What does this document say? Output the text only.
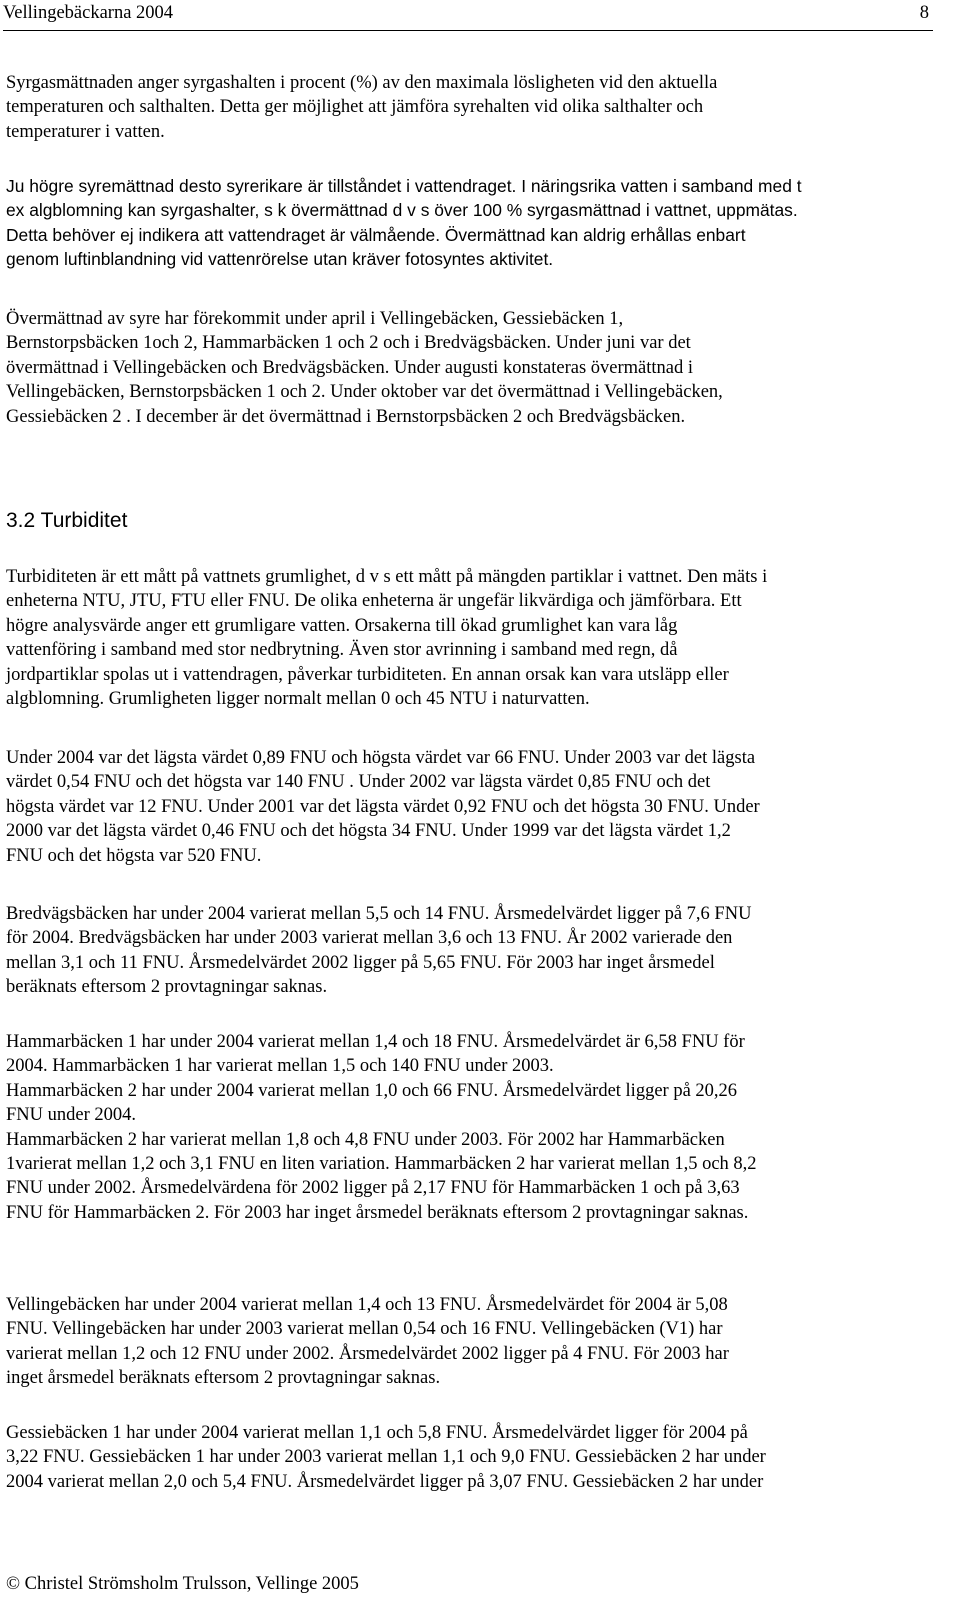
Vellingebäckarna 2004	8

Syrgasmättnaden anger syrgashalten i procent (%) av den maximala lösligheten vid den aktuella
temperaturen och salthalten. Detta ger möjlighet att jämföra syrehalten vid olika salthalter och
temperaturer i vatten.

Ju högre syremättnad desto syrerikare är tillståndet i vattendraget. I näringsrika vatten i samband med t
ex algblomning kan syrgashalter, s k övermättnad d v s över 100 % syrgasmättnad i vattnet, uppmätas.
Detta behöver ej indikera att vattendraget är välmående. Övermättnad kan aldrig erhållas enbart
genom luftinblandning vid vattenrörelse utan kräver fotosyntes aktivitet.

Övermättnad av syre har förekommit under april i Vellingebäcken, Gessiebäcken 1,
Bernstorpsbäcken 1och 2, Hammarbäcken 1 och 2 och i Bredvägsbäcken. Under juni var det
övermättnad i Vellingebäcken och Bredvägsbäcken. Under augusti konstateras övermättnad i
Vellingebäcken, Bernstorpsbäcken 1 och 2. Under oktober var det övermättnad i Vellingebäcken,
Gessiebäcken 2 . I december är det övermättnad i Bernstorpsbäcken 2 och Bredvägsbäcken.

3.2 Turbiditet

Turbiditeten är ett mått på vattnets grumlighet, d v s ett mått på mängden partiklar i vattnet. Den mäts i
enheterna NTU, JTU, FTU eller FNU. De olika enheterna är ungefär likvärdiga och jämförbara. Ett
högre analysvärde anger ett grumligare vatten. Orsakerna till ökad grumlighet kan vara låg
vattenföring i samband med stor nedbrytning. Även stor avrinning i samband med regn, då
jordpartiklar spolas ut i vattendragen, påverkar turbiditeten. En annan orsak kan vara utsläpp eller
algblomning. Grumligheten ligger normalt mellan 0 och 45 NTU i naturvatten.

Under 2004 var det lägsta värdet 0,89 FNU och högsta värdet var 66 FNU. Under 2003 var det lägsta
värdet 0,54 FNU och det högsta var 140 FNU . Under 2002 var lägsta värdet 0,85 FNU och det
högsta värdet var 12 FNU. Under 2001 var det lägsta värdet 0,92 FNU och det högsta 30 FNU. Under
2000 var det lägsta värdet 0,46 FNU och det högsta 34 FNU. Under 1999 var det lägsta värdet 1,2
FNU och det högsta var 520 FNU.

Bredvägsbäcken har under 2004 varierat mellan 5,5 och 14 FNU. Årsmedelvärdet ligger på 7,6 FNU
för 2004. Bredvägsbäcken har under 2003 varierat mellan 3,6 och 13 FNU. År 2002 varierade den
mellan 3,1 och 11 FNU. Årsmedelvärdet 2002 ligger på 5,65 FNU. För 2003 har inget årsmedel
beräknats eftersom 2 provtagningar saknas.

Hammarbäcken 1 har under 2004 varierat mellan 1,4 och 18 FNU. Årsmedelvärdet är 6,58 FNU för
2004. Hammarbäcken 1 har varierat mellan 1,5 och 140 FNU under 2003.
Hammarbäcken 2 har under 2004 varierat mellan 1,0 och 66 FNU. Årsmedelvärdet ligger på 20,26
FNU under 2004.
Hammarbäcken 2 har varierat mellan 1,8 och 4,8 FNU under 2003. För 2002 har Hammarbäcken
1varierat mellan 1,2 och 3,1 FNU en liten variation. Hammarbäcken 2 har varierat mellan 1,5 och 8,2
FNU under 2002. Årsmedelvärdena för 2002 ligger på 2,17 FNU för Hammarbäcken 1 och på 3,63
FNU för Hammarbäcken 2. För 2003 har inget årsmedel beräknats eftersom 2 provtagningar saknas.

Vellingebäcken har under 2004 varierat mellan 1,4 och 13 FNU. Årsmedelvärdet för 2004 är 5,08
FNU. Vellingebäcken har under 2003 varierat mellan 0,54 och 16 FNU. Vellingebäcken (V1) har
varierat mellan 1,2 och 12 FNU under 2002. Årsmedelvärdet 2002 ligger på 4 FNU. För 2003 har
inget årsmedel beräknats eftersom 2 provtagningar saknas.

Gessiebäcken 1 har under 2004 varierat mellan 1,1 och 5,8 FNU. Årsmedelvärdet ligger för 2004 på
3,22 FNU. Gessiebäcken 1 har under 2003 varierat mellan 1,1 och 9,0 FNU. Gessiebäcken 2 har under
2004 varierat mellan 2,0 och 5,4 FNU. Årsmedelvärdet ligger på 3,07 FNU. Gessiebäcken 2 har under

© Christel Strömsholm Trulsson, Vellinge 2005
